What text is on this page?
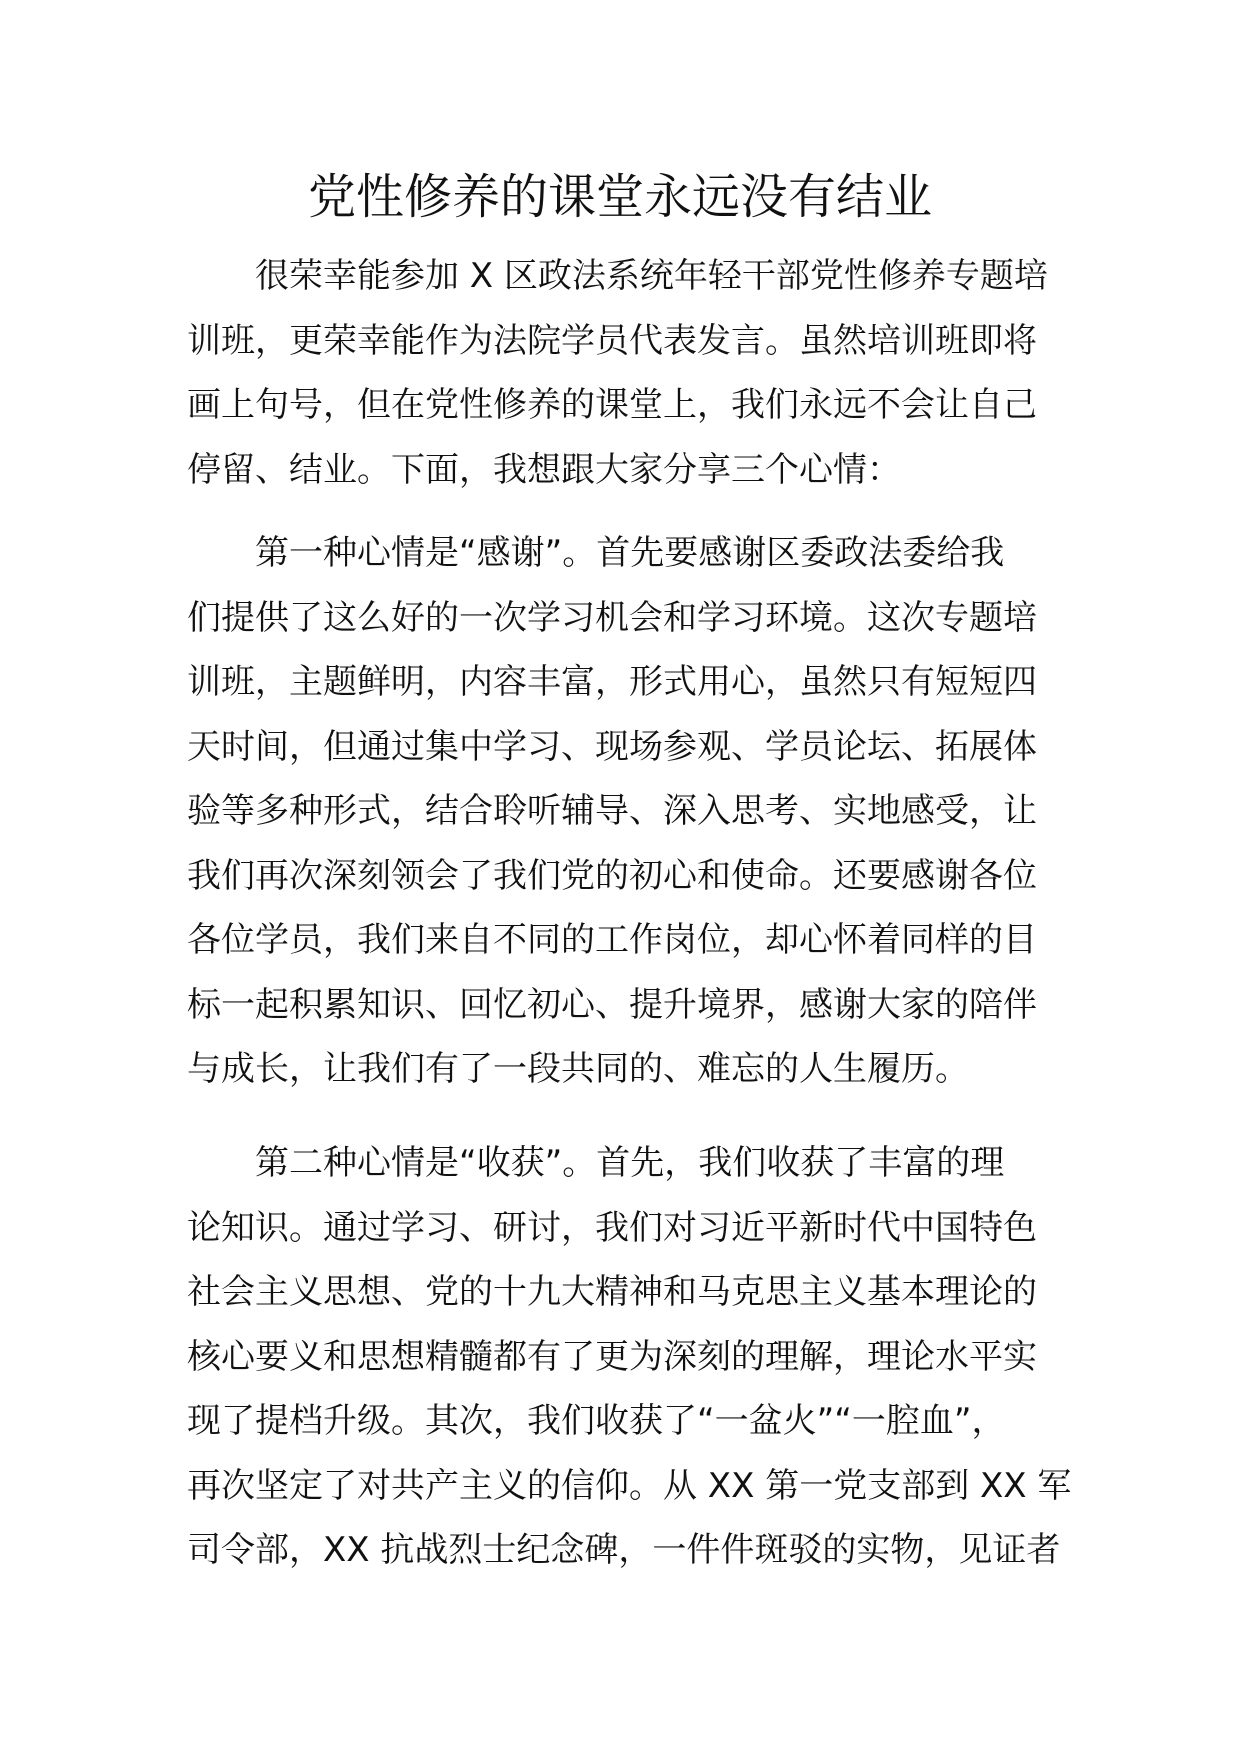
党性修养的课堂永远没有结业
很荣幸能参加 X 区政法系统年轻干部党性修养专题培
训班，更荣幸能作为法院学员代表发言。虽然培训班即将
画上句号，但在党性修养的课堂上，我们永远不会让自己
停留、结业。下面，我想跟大家分享三个心情：
第一种心情是“感谢”。首先要感谢区委政法委给我
们提供了这么好的一次学习机会和学习环境。这次专题培
训班，主题鲜明，内容丰富，形式用心，虽然只有短短四
天时间，但通过集中学习、现场参观、学员论坛、拓展体
验等多种形式，结合聆听辅导、深入思考、实地感受，让
我们再次深刻领会了我们党的初心和使命。还要感谢各位
各位学员，我们来自不同的工作岗位，却心怀着同样的目
标一起积累知识、回忆初心、提升境界，感谢大家的陪伴
与成长，让我们有了一段共同的、难忘的人生履历。
第二种心情是“收获”。首先，我们收获了丰富的理
论知识。通过学习、研讨，我们对习近平新时代中国特色
社会主义思想、党的十九大精神和马克思主义基本理论的
核心要义和思想精髓都有了更为深刻的理解，理论水平实
现了提档升级。其次，我们收获了“一盆火”“一腔血”，
再次坚定了对共产主义的信仰。从 XX 第一党支部到 XX 军
司令部，XX 抗战烈士纪念碑，一件件斑驳的实物，见证者
